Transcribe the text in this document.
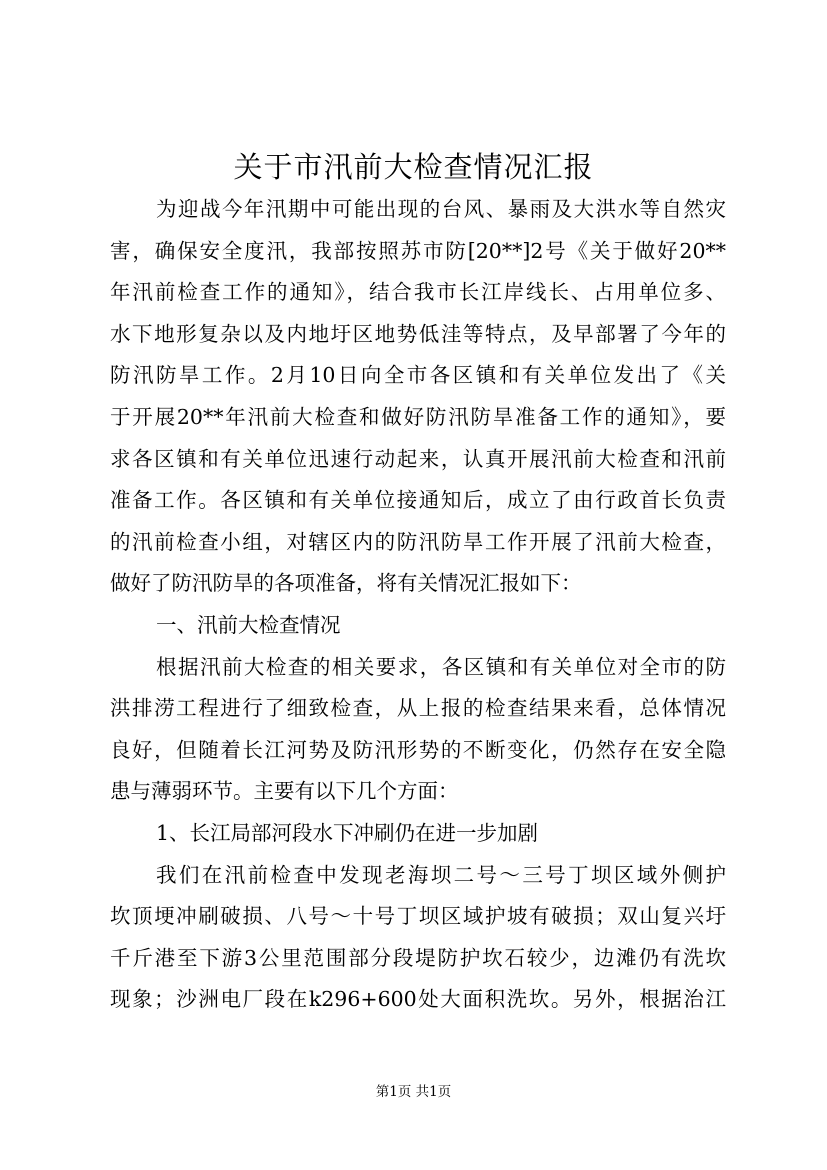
关于市汛前大检查情况汇报
为迎战今年汛期中可能出现的台风、暴雨及大洪水等自然灾
害，确保安全度汛，我部按照苏市防[20**]2号《关于做好20**
年汛前检查工作的通知》，结合我市长江岸线长、占用单位多、
水下地形复杂以及内地圩区地势低洼等特点，及早部署了今年的
防汛防旱工作。2月10日向全市各区镇和有关单位发出了《关
于开展20**年汛前大检查和做好防汛防旱准备工作的通知》，要
求各区镇和有关单位迅速行动起来，认真开展汛前大检查和汛前
准备工作。各区镇和有关单位接通知后，成立了由行政首长负责
的汛前检查小组，对辖区内的防汛防旱工作开展了汛前大检查，
做好了防汛防旱的各项准备，将有关情况汇报如下：
一、汛前大检查情况
根据汛前大检查的相关要求，各区镇和有关单位对全市的防
洪排涝工程进行了细致检查，从上报的检查结果来看，总体情况
良好，但随着长江河势及防汛形势的不断变化，仍然存在安全隐
患与薄弱环节。主要有以下几个方面：
1、长江局部河段水下冲刷仍在进一步加剧
我们在汛前检查中发现老海坝二号～三号丁坝区域外侧护
坎顶埂冲刷破损、八号～十号丁坝区域护坡有破损；双山复兴圩
千斤港至下游3公里范围部分段堤防护坎石较少，边滩仍有洗坎
现象；沙洲电厂段在k296+600处大面积洗坎。另外，根据治江
第1页 共1页
